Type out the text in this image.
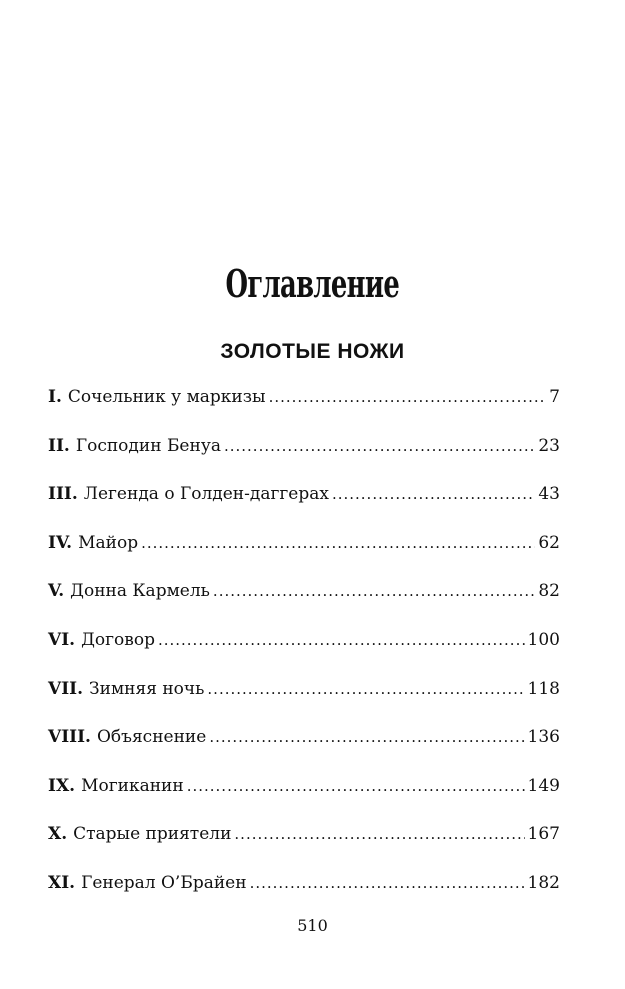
Оглавление
ЗОЛОТЫЕ НОЖИ
I. Сочельник у маркизы .....	7
II. Господин Бенуа .....	23
III. Легенда о Голден-даггерах .....	43
IV. Майор .....	62
V. Донна Кармель .....	82
VI. Договор .....	100
VII. Зимняя ночь .....	118
VIII. Объяснение .....	136
IX. Могиканин .....	149
X. Старые приятели .....	167
XI. Генерал О’Брайен .....	182

510
